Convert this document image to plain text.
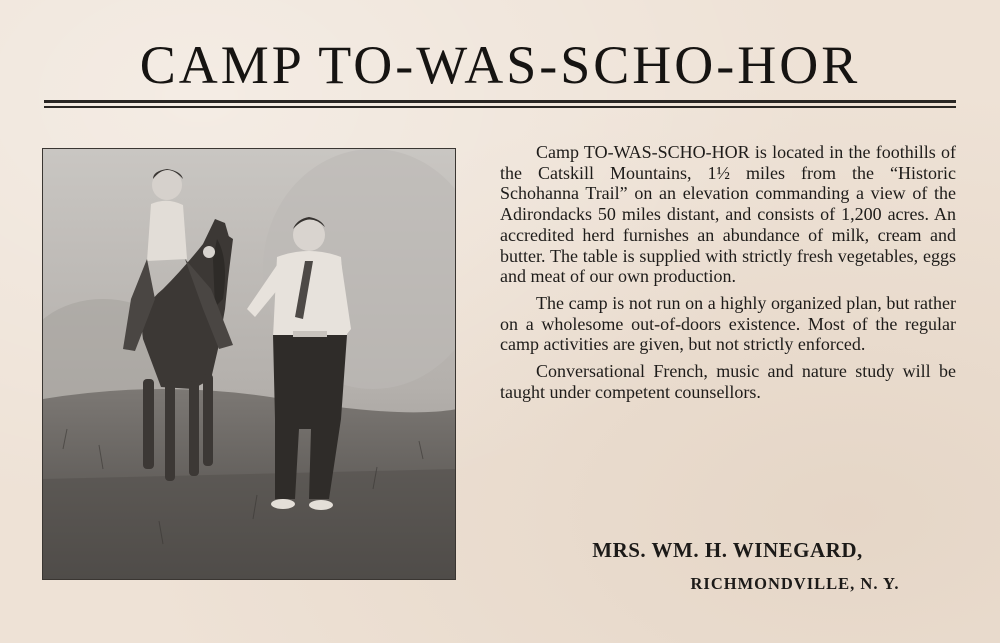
CAMP TO-WAS-SCHO-HOR

Camp TO-WAS-SCHO-HOR is located in the foothills of the Catskill Mountains, 1½ miles from the “Historic Schohanna Trail” on an elevation commanding a view of the Adirondacks 50 miles distant, and consists of 1,200 acres. An accredited herd furnishes an abundance of milk, cream and butter. The table is supplied with strictly fresh vegetables, eggs and meat of our own production.

The camp is not run on a highly organized plan, but rather on a wholesome out-of-doors existence. Most of the regular camp activities are given, but not strictly enforced.

Conversational French, music and nature study will be taught under competent counsellors.

MRS. WM. H. WINEGARD,
RICHMONDVILLE, N. Y.
